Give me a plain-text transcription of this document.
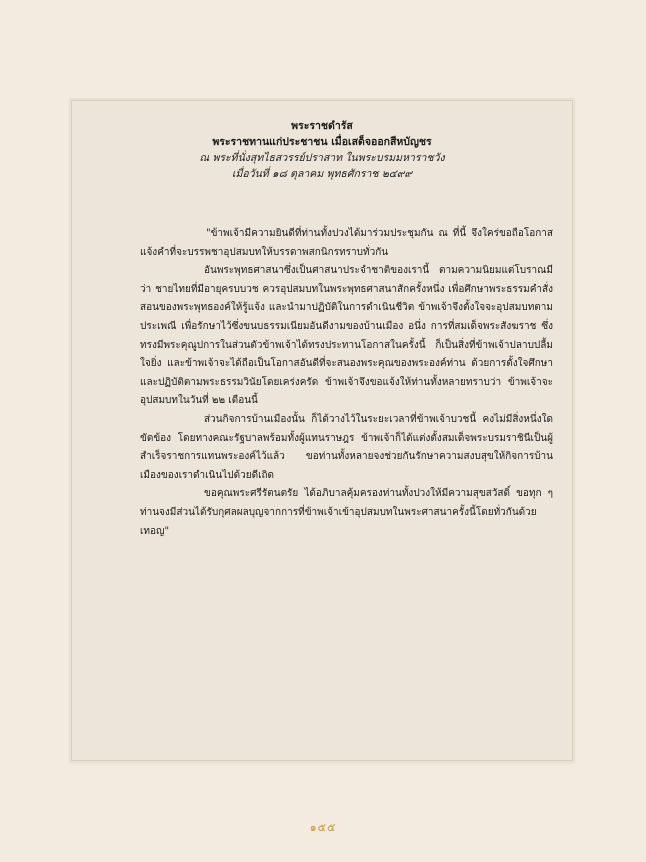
พระราชดำรัส
พระราชทานแก่ประชาชน เมื่อเสด็จออกสีหบัญชร
ณ พระที่นั่งสุทไธสวรรย์ปราสาท ในพระบรมมหาราชวัง
เมื่อวันที่ ๑๘ ตุลาคม พุทธศักราช ๒๔๙๙

"ข้าพเจ้ามีความยินดีที่ท่านทั้งปวงได้มาร่วมประชุมกัน ณ ที่นี้ จึงใคร่ขอถือโอกาสแจ้งคำที่จะบรรพชาอุปสมบทให้บรรดาพสกนิกรทราบทั่วกัน

อันพระพุทธศาสนาซึ่งเป็นศาสนาประจำชาติของเรานี้ ตามความนิยมแต่โบราณมีว่า ชายไทยที่มีอายุครบบวช ควรอุปสมบทในพระพุทธศาสนาสักครั้งหนึ่ง เพื่อศึกษาพระธรรมคำสั่งสอนของพระพุทธองค์ให้รู้แจ้ง และนำมาปฏิบัติในการดำเนินชีวิต ข้าพเจ้าจึงตั้งใจจะอุปสมบทตามประเพณี เพื่อรักษาไว้ซึ่งขนบธรรมเนียมอันดีงามของบ้านเมือง อนึ่ง การที่สมเด็จพระสังฆราช ซึ่งทรงมีพระคุณูปการในส่วนตัวข้าพเจ้าได้ทรงประทานโอกาสในครั้งนี้ ก็เป็นสิ่งที่ข้าพเจ้าปลาบปลื้มใจยิ่ง และข้าพเจ้าจะได้ถือเป็นโอกาสอันดีที่จะสนองพระคุณของพระองค์ท่าน ด้วยการตั้งใจศึกษาและปฏิบัติตามพระธรรมวินัยโดยเคร่งครัด ข้าพเจ้าจึงขอแจ้งให้ท่านทั้งหลายทราบว่า ข้าพเจ้าจะอุปสมบทในวันที่ ๒๒ เดือนนี้

ส่วนกิจการบ้านเมืองนั้น ก็ได้วางไว้ในระยะเวลาที่ข้าพเจ้าบวชนี้ คงไม่มีสิ่งหนึ่งใดขัดข้อง โดยทางคณะรัฐบาลพร้อมทั้งผู้แทนราษฎร ข้าพเจ้าก็ได้แต่งตั้งสมเด็จพระบรมราชินีเป็นผู้สำเร็จราชการแทนพระองค์ไว้แล้ว ขอท่านทั้งหลายจงช่วยกันรักษาความสงบสุขให้กิจการบ้านเมืองของเราดำเนินไปด้วยดีเถิด

ขอคุณพระศรีรัตนตรัย ได้อภิบาลคุ้มครองท่านทั้งปวงให้มีความสุขสวัสดิ์ ขอทุก ๆ ท่านจงมีส่วนได้รับกุศลผลบุญจากการที่ข้าพเจ้าเข้าอุปสมบทในพระศาสนาครั้งนี้โดยทั่วกันด้วยเทอญ"

๑๕๕
